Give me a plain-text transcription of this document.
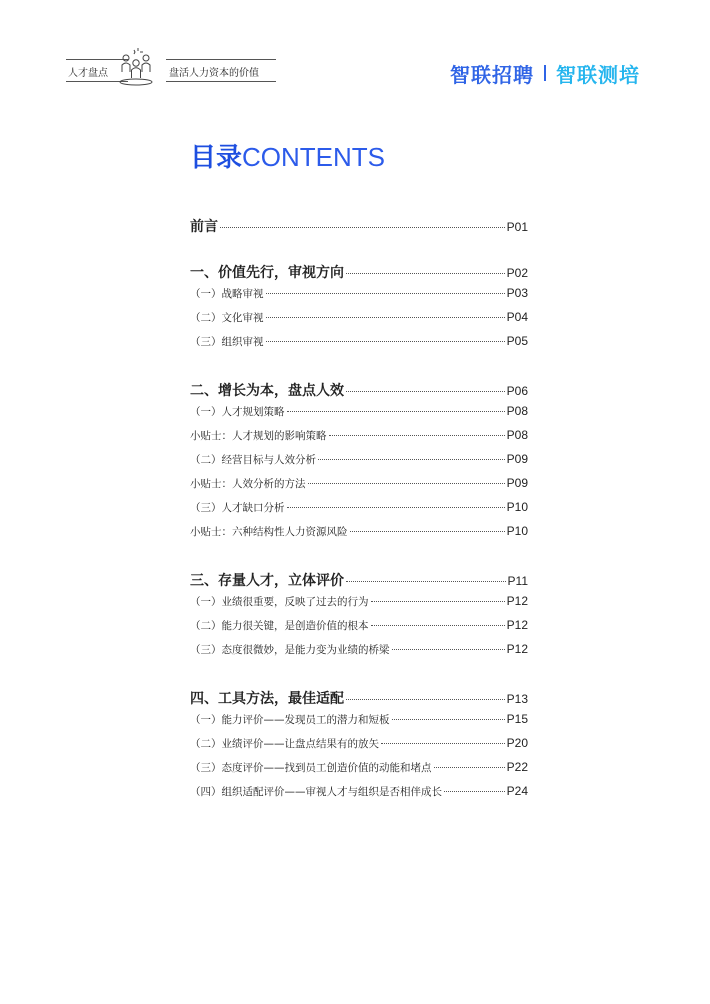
人才盘点	盘活人力资本的价值	智联招聘 智联测培
目录CONTENTS
前言	P01
一、价值先行，审视方向	P02
（一）战略审视	P03
（二）文化审视	P04
（三）组织审视	P05
二、增长为本，盘点人效	P06
（一）人才规划策略	P08
小贴士：人才规划的影响策略	P08
（二）经营目标与人效分析	P09
小贴士：人效分析的方法	P09
（三）人才缺口分析	P10
小贴士：六种结构性人力资源风险	P10
三、存量人才，立体评价	P11
（一）业绩很重要，反映了过去的行为	P12
（二）能力很关键，是创造价值的根本	P12
（三）态度很微妙，是能力变为业绩的桥梁	P12
四、工具方法，最佳适配	P13
（一）能力评价——发现员工的潜力和短板	P15
（二）业绩评价——让盘点结果有的放矢	P20
（三）态度评价——找到员工创造价值的动能和堵点	P22
（四）组织适配评价——审视人才与组织是否相伴成长	P24
